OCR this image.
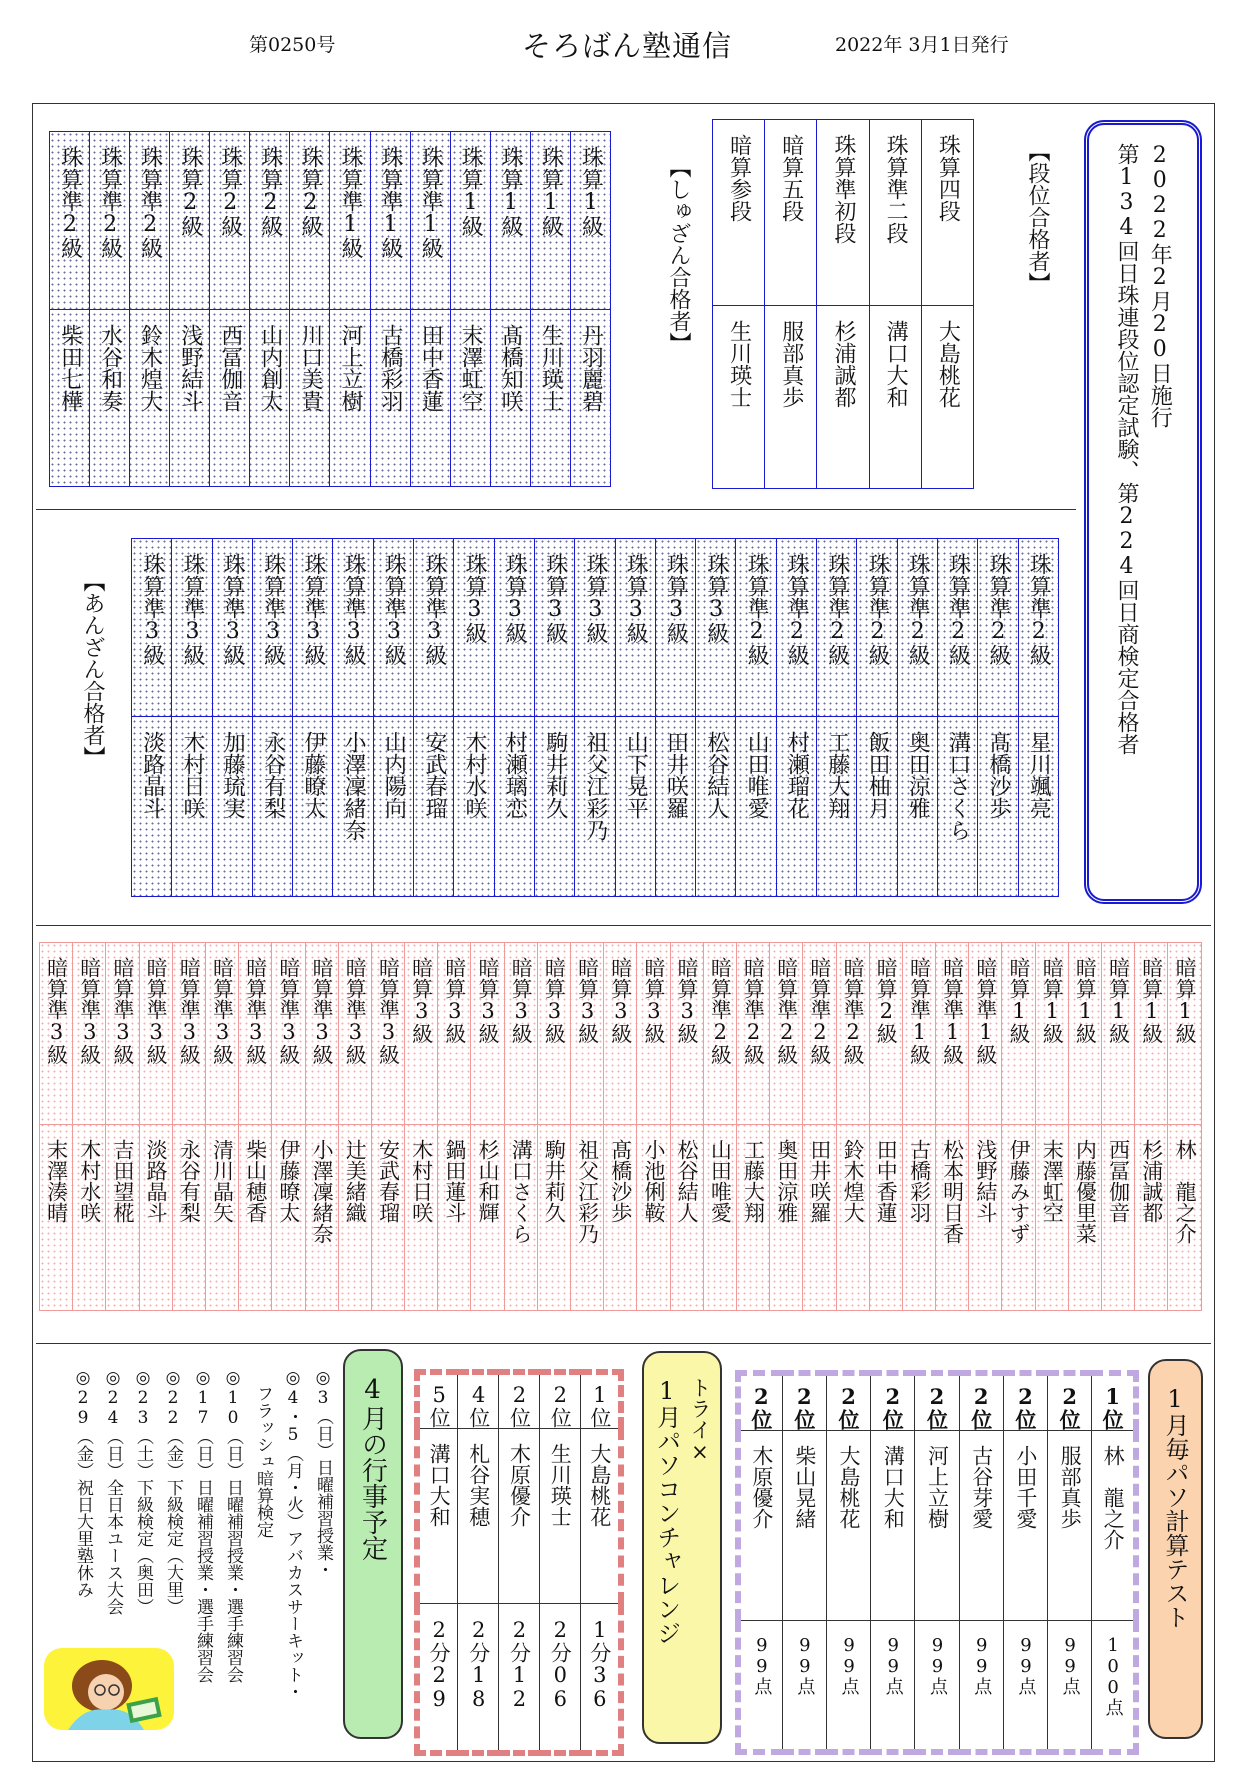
第0250号	そろばん塾通信	2022年 3月1日発行
第134回日珠連段位認定試験、第224回日商検定合格者 2022年2月20日施行
【段位合格者】
暗算参段	暗算五段	珠算準初段	珠算準二段	珠算四段

生川瑛士	服部真歩	杉浦誠都	溝口大和	大島桃花
【しゅざん合格者】
珠算準2級	珠算準2級	珠算準2級	珠算2級	珠算2級	珠算2級	珠算2級	珠算準1級	珠算準1級	珠算準1級	珠算1級	珠算1級	珠算1級	珠算1級

柴田七樺	水谷和奏	鈴木煌大	浅野結斗	西冨伽音	山内創太	川口美貴	河上立樹	古橋彩羽	田中香蓮	末澤虹空	髙橋知咲	生川瑛士	丹羽麗碧
【あんざん合格者】 珠算準3級	珠算準3級	珠算準3級	珠算準3級	珠算準3級	珠算準3級	珠算準3級	珠算準3級	珠算3級	珠算3級	珠算3級	珠算3級	珠算3級	珠算3級	珠算3級	珠算準2級	珠算準2級	珠算準2級	珠算準2級	珠算準2級	珠算準2級	珠算準2級	珠算準2級

淡路晶斗	木村日咲	加藤琉実	永谷有梨	伊藤暸太	小澤凜緒奈	山内陽向	安武春瑠	木村水咲	村瀬璃恋	駒井莉久	祖父江彩乃	山下晃平	田井咲羅	松谷結人	山田唯愛	村瀬瑠花	工藤大翔	飯田柚月	奥田涼雅	溝口さくら	髙橋沙歩	星川颯亮
暗算準3級	暗算準3級	暗算準3級	暗算準3級	暗算準3級	暗算準3級	暗算準3級	暗算準3級	暗算準3級	暗算準3級	暗算準3級	暗算3級	暗算3級	暗算3級	暗算3級	暗算3級	暗算3級	暗算3級	暗算3級	暗算3級	暗算準2級	暗算準2級	暗算準2級	暗算準2級	暗算準2級	暗算2級	暗算準1級	暗算準1級	暗算準1級	暗算1級	暗算1級	暗算1級	暗算1級	暗算1級	暗算1級

末澤湊晴	木村水咲	吉田望椛	淡路晶斗	永谷有梨	清川晶矢	柴山穂香	伊藤暸太	小澤凜緒奈	辻美緒織	安武春瑠	木村日咲	鍋田蓮斗	杉山和輝	溝口さくら	駒井莉久	祖父江彩乃	髙橋沙歩	小池俐鞍	松谷結人	山田唯愛	工藤大翔	奥田涼雅	田井咲羅	鈴木煌大	田中香蓮	古橋彩羽	松本明日香	浅野結斗	伊藤みすず	末澤虹空	内藤優里菜	西冨伽音	杉浦誠都	林　龍之介
1月毎パソ計算テスト
2位	2位	2位	2位	2位	2位	2位	2位	1位

木原優介	柴山晃緒	大島桃花	溝口大和	河上立樹	古谷芽愛	小田千愛	服部真歩	林　龍之介

99点	99点	99点	99点	99点	99点	99点	99点	100点
1月パソコンチャレンジ トライ×
5位	4位	2位	2位	1位

溝口大和	札谷実穂	木原優介	生川瑛士	大島桃花

2分29	2分18	2分12	2分06	1分36
4月の行事予定
◎3（日）日曜補習授業・
◎4・5（月・火）アバカスサーキット・
　フラッシュ暗算検定
◎10（日）日曜補習授業・選手練習会
◎17（日）日曜補習授業・選手練習会
◎22（金）下級検定（大里）
◎23（土）下級検定（奥田）
◎24（日）全日本ユース大会
◎29（金）祝日大里塾休み
